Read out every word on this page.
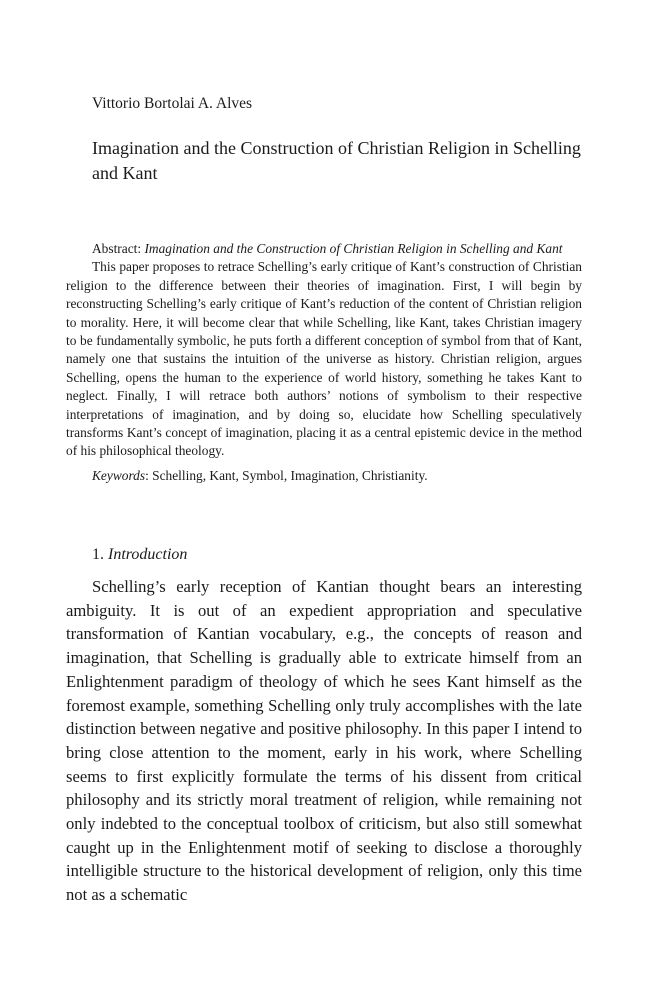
Vittorio Bortolai A. Alves
Imagination and the Construction of Christian Religion in Schelling and Kant

Abstract: Imagination and the Construction of Christian Religion in Schelling and Kant

This paper proposes to retrace Schelling’s early critique of Kant’s construction of Christian religion to the difference between their theories of imagination. First, I will begin by reconstructing Schelling’s early critique of Kant’s reduction of the content of Christian religion to morality. Here, it will become clear that while Schelling, like Kant, takes Christian imagery to be fundamentally symbolic, he puts forth a different conception of symbol from that of Kant, namely one that sustains the intuition of the universe as history. Christian religion, argues Schelling, opens the human to the experience of world history, something he takes Kant to neglect. Finally, I will retrace both authors’ notions of symbolism to their respective interpretations of imagination, and by doing so, elucidate how Schelling speculatively transforms Kant’s concept of imagination, placing it as a central epistemic device in the method of his philosophical theology.

Keywords: Schelling, Kant, Symbol, Imagination, Christianity.

1. Introduction

Schelling’s early reception of Kantian thought bears an interesting ambiguity. It is out of an expedient appropriation and speculative transformation of Kantian vocabulary, e.g., the concepts of reason and imagination, that Schelling is gradually able to extricate himself from an Enlightenment paradigm of theology of which he sees Kant himself as the foremost example, something Schelling only truly accomplishes with the late distinction between negative and positive philosophy. In this paper I intend to bring close attention to the moment, early in his work, where Schelling seems to first explicitly formulate the terms of his dissent from critical philosophy and its strictly moral treatment of religion, while remaining not only indebted to the conceptual toolbox of criticism, but also still somewhat caught up in the Enlightenment motif of seeking to disclose a thoroughly intelligible structure to the historical development of religion, only this time not as a schematic
